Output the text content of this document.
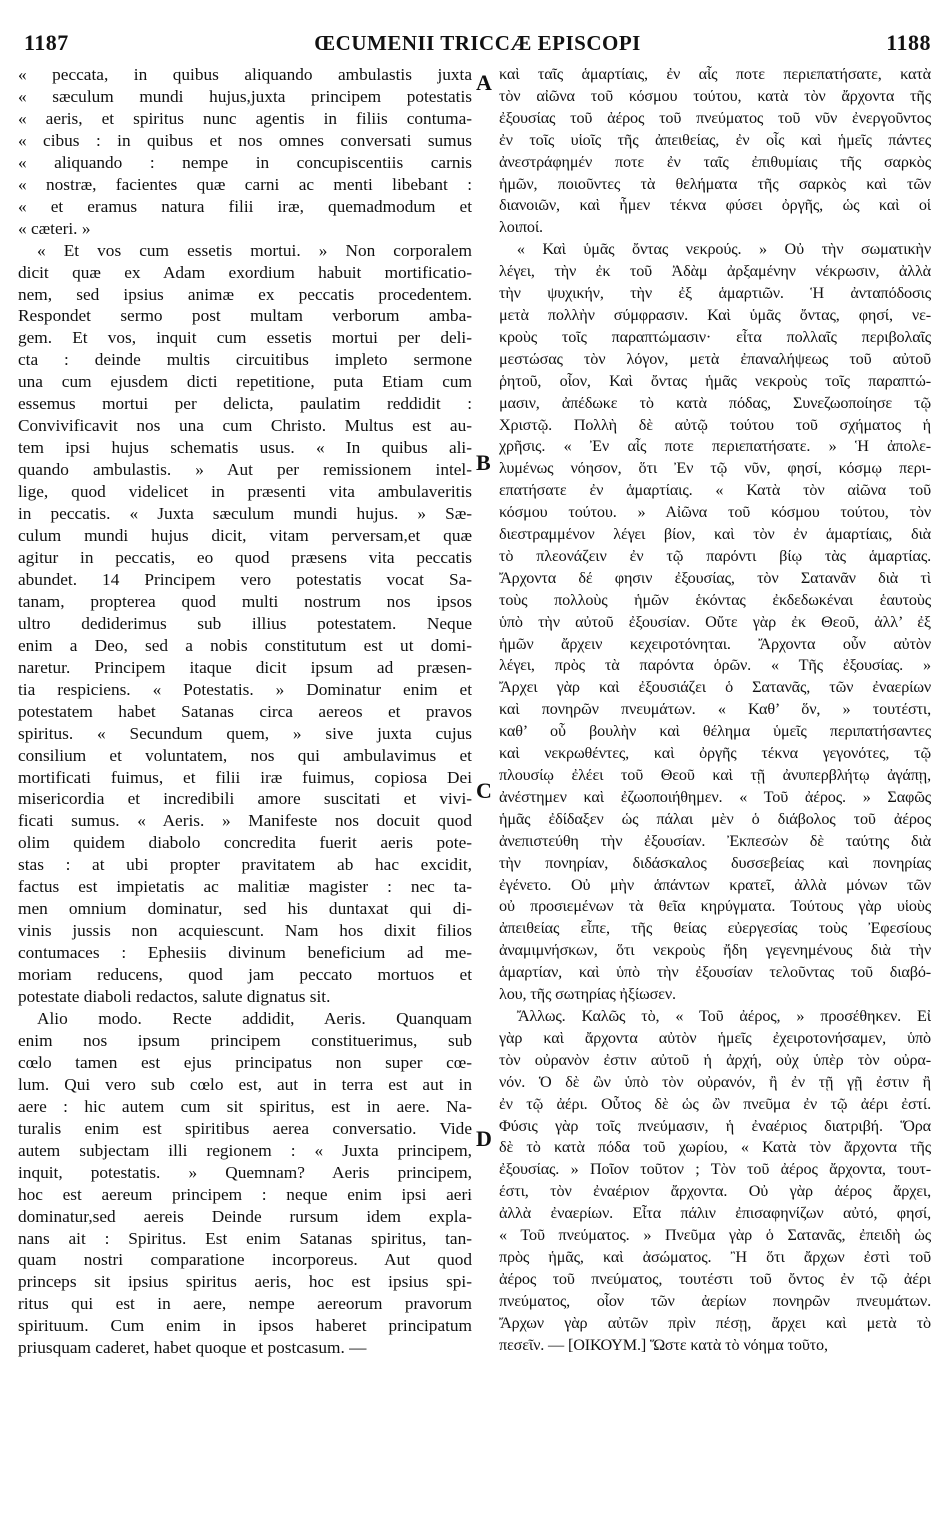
1187	ŒCUMENII TRICCÆ EPISCOPI	1188
« peccata, in quibus aliquando ambulastis juxta
« sæculum mundi hujus,juxta principem potestatis
« aeris, et spiritus nunc agentis in filiis contuma-
« cibus : in quibus et nos omnes conversati sumus
« aliquando : nempe in concupiscentiis carnis
« nostræ, facientes quæ carni ac menti libebant :
« et eramus natura filii iræ, quemadmodum et
« cæteri. »
« Et vos cum essetis mortui. » Non corporalem
dicit quæ ex Adam exordium habuit mortificatio-
nem, sed ipsius animæ ex peccatis procedentem.
Respondet sermo post multam verborum amba-
gem. Et vos, inquit cum essetis mortui per deli-
cta : deinde multis circuitibus impleto sermone
una cum ejusdem dicti repetitione, puta Etiam cum
essemus mortui per delicta, paulatim reddidit :
Convivificavit nos una cum Christo. Multus est au-
tem ipsi hujus schematis usus. « In quibus ali-
quando ambulastis. » Aut per remissionem intel-
lige, quod videlicet in præsenti vita ambulaveritis
in peccatis. « Juxta sæculum mundi hujus. » Sæ-
culum mundi hujus dicit, vitam perversam,et quæ
agitur in peccatis, eo quod præsens vita peccatis
abundet. 14 Principem vero potestatis vocat Sa-
tanam, propterea quod multi nostrum nos ipsos
ultro dediderimus sub illius potestatem. Neque
enim a Deo, sed a nobis constitutum est ut domi-
naretur. Principem itaque dicit ipsum ad præsen-
tia respiciens. « Potestatis. » Dominatur enim et
potestatem habet Satanas circa aereos et pravos
spiritus. « Secundum quem, » sive juxta cujus
consilium et voluntatem, nos qui ambulavimus et
mortificati fuimus, et filii iræ fuimus, copiosa Dei
misericordia et incredibili amore suscitati et vivi-
ficati sumus. « Aeris. » Manifeste nos docuit quod
olim quidem diabolo concredita fuerit aeris pote-
stas : at ubi propter pravitatem ab hac excidit,
factus est impietatis ac malitiæ magister : nec ta-
men omnium dominatur, sed his duntaxat qui di-
vinis jussis non acquiescunt. Nam hos dixit filios
contumaces : Ephesiis divinum beneficium ad me-
moriam reducens, quod jam peccato mortuos et
potestate diaboli redactos, salute dignatus sit.
Alio modo. Recte addidit, Aeris. Quanquam
enim nos ipsum principem constituerimus, sub
cœlo tamen est ejus principatus non super cœ-
lum. Qui vero sub cœlo est, aut in terra est aut in
aere : hic autem cum sit spiritus, est in aere. Na-
turalis enim est spiritibus aerea conversatio. Vide
autem subjectam illi regionem : « Juxta principem,
inquit, potestatis. » Quemnam? Aeris principem,
hoc est aereum principem : neque enim ipsi aeri
dominatur,sed aereis Deinde rursum idem expla-
nans ait : Spiritus. Est enim Satanas spiritus, tan-
quam nostri comparatione incorporeus. Aut quod
princeps sit ipsius spiritus aeris, hoc est ipsius spi-
ritus qui est in aere, nempe aereorum pravorum
spirituum. Cum enim in ipsos haberet principatum
priusquam caderet, habet quoque et postcasum. —
καὶ ταῖς ἁμαρτίαις, ἐν αἷς ποτε περιεπατήσατε, κατὰ
τὸν αἰῶνα τοῦ κόσμου τούτου, κατὰ τὸν ἄρχοντα τῆς
ἐξουσίας τοῦ ἀέρος τοῦ πνεύματος τοῦ νῦν ἐνεργοῦντος
ἐν τοῖς υἱοῖς τῆς ἀπειθείας, ἐν οἷς καὶ ἡμεῖς πάντες
ἀνεστράφημέν ποτε ἐν ταῖς ἐπιθυμίαις τῆς σαρκὸς
ἡμῶν, ποιοῦντες τὰ θελήματα τῆς σαρκὸς καὶ τῶν
διανοιῶν, καὶ ἦμεν τέκνα φύσει ὀργῆς, ὡς καὶ οἱ
λοιποί.
« Καὶ ὑμᾶς ὄντας νεκρούς. » Οὐ τὴν σωματικὴν
λέγει, τὴν ἐκ τοῦ Ἀδὰμ ἀρξαμένην νέκρωσιν, ἀλλὰ
τὴν ψυχικήν, τὴν ἐξ ἁμαρτιῶν. Ἡ ἀνταπόδοσις
μετὰ πολλὴν σύμφρασιν. Καὶ ὑμᾶς ὄντας, φησί, νε-
κροὺς τοῖς παραπτώμασιν· εἶτα πολλαῖς περιβολαῖς
μεστώσας τὸν λόγον, μετὰ ἐπαναλήψεως τοῦ αὐτοῦ
ῥητοῦ, οἷον, Καὶ ὄντας ἡμᾶς νεκροὺς τοῖς παραπτώ-
μασιν, ἀπέδωκε τὸ κατὰ πόδας, Συνεζωοποίησε τῷ
Χριστῷ. Πολλὴ δὲ αὐτῷ τούτου τοῦ σχήματος ἡ
χρῆσις. « Ἐν αἷς ποτε περιεπατήσατε. » Ἡ ἀπολε-
λυμένως νόησον, ὅτι Ἐν τῷ νῦν, φησί, κόσμῳ περι-
επατήσατε ἐν ἁμαρτίαις. « Κατὰ τὸν αἰῶνα τοῦ
κόσμου τούτου. » Αἰῶνα τοῦ κόσμου τούτου, τὸν
διεστραμμένον λέγει βίον, καὶ τὸν ἐν ἁμαρτίαις, διὰ
τὸ πλεονάζειν ἐν τῷ παρόντι βίῳ τὰς ἁμαρτίας.
Ἄρχοντα δέ φησιν ἐξουσίας, τὸν Σατανᾶν διὰ τὶ
τοὺς πολλοὺς ἡμῶν ἑκόντας ἐκδεδωκέναι ἑαυτοὺς
ὑπὸ τὴν αὐτοῦ ἐξουσίαν. Οὔτε γὰρ ἐκ Θεοῦ, ἀλλ’ ἐξ
ἡμῶν ἄρχειν κεχειροτόνηται. Ἄρχοντα οὖν αὐτὸν
λέγει, πρὸς τὰ παρόντα ὁρῶν. « Τῆς ἐξουσίας. »
Ἄρχει γὰρ καὶ ἐξουσιάζει ὁ Σατανᾶς, τῶν ἐναερίων
καὶ πονηρῶν πνευμάτων. « Καθ’ ὅν, » τουτέστι,
καθ’ οὗ βουλὴν καὶ θέλημα ὑμεῖς περιπατήσαντες
καὶ νεκρωθέντες, καὶ ὀργῆς τέκνα γεγονότες, τῷ
πλουσίῳ ἐλέει τοῦ Θεοῦ καὶ τῇ ἀνυπερβλήτῳ ἀγάπῃ,
ἀνέστημεν καὶ ἐζωοποιήθημεν. « Τοῦ ἀέρος. » Σαφῶς
ἡμᾶς ἐδίδαξεν ὡς πάλαι μὲν ὁ διάβολος τοῦ ἀέρος
ἀνεπιστεύθη τὴν ἐξουσίαν. Ἐκπεσὼν δὲ ταύτης διὰ
τὴν πονηρίαν, διδάσκαλος δυσσεβείας καὶ πονηρίας
ἐγένετο. Οὐ μὴν ἁπάντων κρατεῖ, ἀλλὰ μόνων τῶν
οὐ προσιεμένων τὰ θεῖα κηρύγματα. Τούτους γὰρ υἱοὺς
ἀπειθείας εἶπε, τῆς θείας εὐεργεσίας τοὺς Ἐφεσίους
ἀναμιμνήσκων, ὅτι νεκροὺς ἤδη γεγενημένους διὰ τὴν
ἁμαρτίαν, καὶ ὑπὸ τὴν ἐξουσίαν τελοῦντας τοῦ διαβό-
λου, τῆς σωτηρίας ἠξίωσεν.
Ἄλλως. Καλῶς τὸ, « Τοῦ ἀέρος, » προσέθηκεν. Εἰ
γὰρ καὶ ἄρχοντα αὐτὸν ἡμεῖς ἐχειροτονήσαμεν, ὑπὸ
τὸν οὐρανὸν ἐστιν αὐτοῦ ἡ ἀρχή, οὐχ ὑπὲρ τὸν οὐρα-
νόν. Ὁ δὲ ὢν ὑπὸ τὸν οὐρανόν, ἢ ἐν τῇ γῇ ἐστιν ἢ
ἐν τῷ ἀέρι. Οὗτος δὲ ὡς ὢν πνεῦμα ἐν τῷ ἀέρι ἐστί.
Φύσις γὰρ τοῖς πνεύμασιν, ἡ ἐναέριος διατριβή. Ὅρα
δὲ τὸ κατὰ πόδα τοῦ χωρίου, « Κατὰ τὸν ἄρχοντα τῆς
ἐξουσίας. » Ποῖον τοῦτον ; Τὸν τοῦ ἀέρος ἄρχοντα, τουτ-
έστι, τὸν ἐναέριον ἄρχοντα. Οὐ γὰρ ἀέρος ἄρχει,
ἀλλὰ ἐναερίων. Εἶτα πάλιν ἐπισαφηνίζων αὐτό, φησί,
« Τοῦ πνεύματος. » Πνεῦμα γὰρ ὁ Σατανᾶς, ἐπειδὴ ὡς
πρὸς ἡμᾶς, καὶ ἀσώματος. Ἢ ὅτι ἄρχων ἐστὶ τοῦ
ἀέρος τοῦ πνεύματος, τουτέστι τοῦ ὄντος ἐν τῷ ἀέρι
πνεύματος, οἷον τῶν ἀερίων πονηρῶν πνευμάτων.
Ἄρχων γὰρ αὐτῶν πρὶν πέσῃ, ἄρχει καὶ μετὰ τὸ
πεσεῖν. — [ΟΙΚΟΥΜ.] Ὥστε κατὰ τὸ νόημα τοῦτο,
A
B
C
D
